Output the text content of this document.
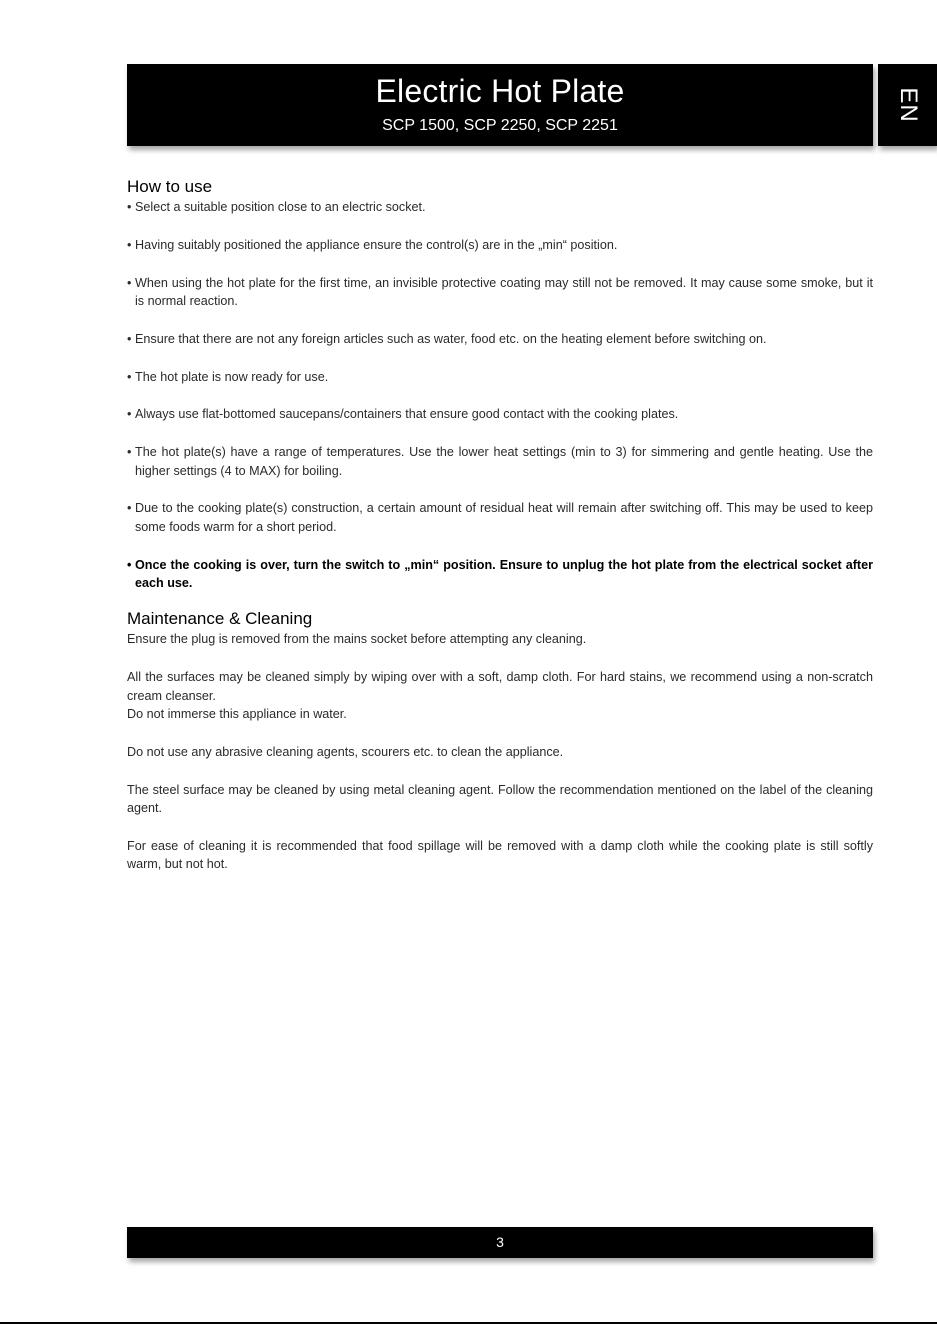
Electric Hot Plate
SCP 1500, SCP 2250, SCP 2251
EN
How to use
• Select a suitable position close to an electric socket.
• Having suitably positioned the appliance ensure the control(s) are in the „min“ position.
• When using the hot plate for the first time, an invisible protective coating may still not be removed. It may cause some smoke, but it is normal reaction.
• Ensure that there are not any foreign articles such as water, food etc. on the heating element before switching on.
• The hot plate is now ready for use.
• Always use flat-bottomed saucepans/containers that ensure good contact with the cooking plates.
• The hot plate(s) have a range of temperatures. Use the lower heat settings (min to 3) for simmering and gentle heating. Use the higher settings (4 to MAX) for boiling.
• Due to the cooking plate(s) construction, a certain amount of residual heat will remain after switching off. This may be used to keep some foods warm for a short period.
• Once the cooking is over, turn the switch to „min“ position. Ensure to unplug the hot plate from the electrical socket after each use.
Maintenance & Cleaning

Ensure the plug is removed from the mains socket before attempting any cleaning.

All the surfaces may be cleaned simply by wiping over with a soft, damp cloth. For hard stains, we recommend using a non-scratch cream cleanser.

Do not immerse this appliance in water.

Do not use any abrasive cleaning agents, scourers etc. to clean the appliance.

The steel surface may be cleaned by using metal cleaning agent. Follow the recommendation mentioned on the label of the cleaning agent.

For ease of cleaning it is recommended that food spillage will be removed with a damp cloth while the cooking plate is still softly warm, but not hot.

3
